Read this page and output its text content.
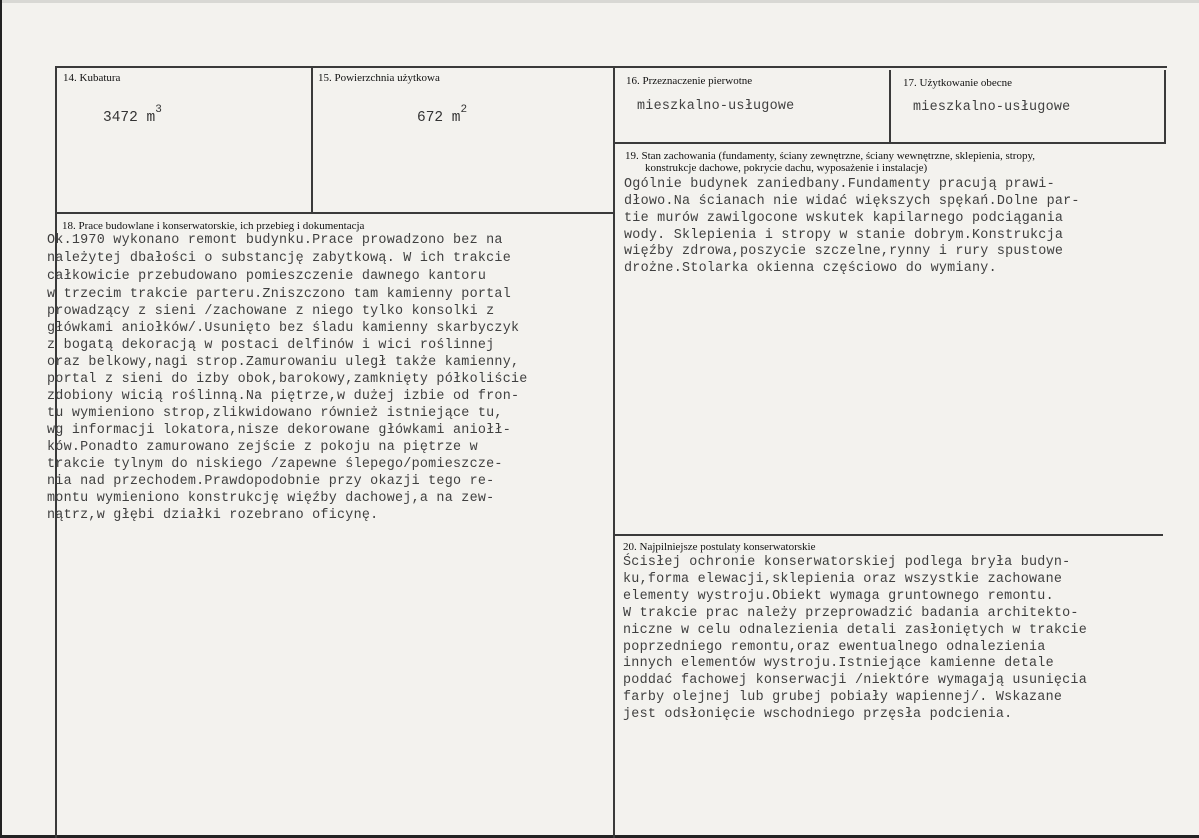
14. Kubatura
3472 $m^3$
15. Powierzchnia użytkowa
672 $m^2$
16. Przeznaczenie pierwotne
mieszkalno-usługowe
17. Użytkowanie obecne
mieszkalno-usługowe
19. Stan zachowania (fundamenty, ściany zewnętrzne, ściany wewnętrzne, sklepienia, stropy,
konstrukcje dachowe, pokrycie dachu, wyposażenie i instalacje)
Ogólnie budynek zaniedbany.Fundamenty pracują prawi-
dłowo.Na ścianach nie widać większych spękań.Dolne par-
tie murów zawilgocone wskutek kapilarnego podciągania
wody. Sklepienia i stropy w stanie dobrym.Konstrukcja
więźby zdrowa,poszycie szczelne,rynny i rury spustowe
drożne.Stolarka okienna częściowo do wymiany.
18. Prace budowlane i konserwatorskie, ich przebieg i dokumentacja
Ok.1970 wykonano remont budynku.Prace prowadzono bez na
należytej dbałości o substancję zabytkową. W ich trakcie
całkowicie przebudowano pomieszczenie dawnego kantoru
w trzecim trakcie parteru.Zniszczono tam kamienny portal
prowadzący z sieni /zachowane z niego tylko konsolki z
główkami aniołków/.Usunięto bez śladu kamienny skarbyczyk
z bogatą dekoracją w postaci delfinów i wici roślinnej
oraz belkowy,nagi strop.Zamurowaniu uległ także kamienny,
portal z sieni do izby obok,barokowy,zamknięty półkoliście
zdobiony wicią roślinną.Na piętrze,w dużej izbie od fron-
tu wymieniono strop,zlikwidowano również istniejące tu,
wg informacji lokatora,nisze dekorowane główkami aniołł-
ków.Ponadto zamurowano zejście z pokoju na piętrze w
trakcie tylnym do niskiego /zapewne ślepego/pomieszcze-
nia nad przechodem.Prawdopodobnie przy okazji tego re-
montu wymieniono konstrukcję więźby dachowej,a na zew-
nątrz,w głębi działki rozebrano oficynę.
20. Najpilniejsze postulaty konserwatorskie
Ścisłej ochronie konserwatorskiej podlega bryła budyn-
ku,forma elewacji,sklepienia oraz wszystkie zachowane
elementy wystroju.Obiekt wymaga gruntownego remontu.
W trakcie prac należy przeprowadzić badania architekto-
niczne w celu odnalezienia detali zasłoniętych w trakcie
poprzedniego remontu,oraz ewentualnego odnalezienia
innych elementów wystroju.Istniejące kamienne detale
poddać fachowej konserwacji /niektóre wymagają usunięcia
farby olejnej lub grubej pobiały wapiennej/. Wskazane
jest odsłonięcie wschodniego przęsła podcienia.
